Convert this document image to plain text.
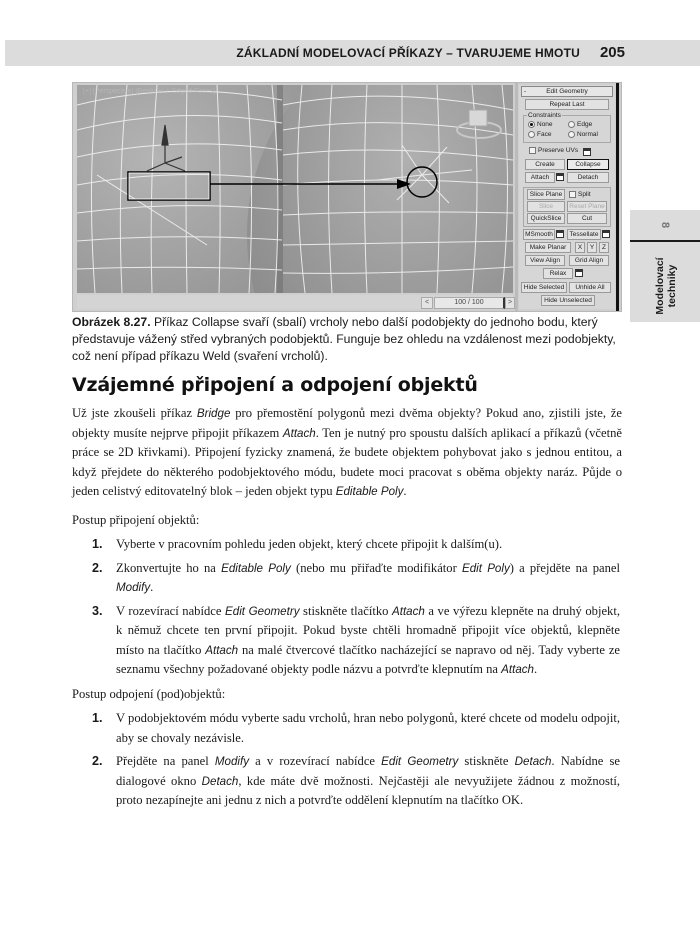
ZÁKLADNÍ MODELOVACÍ PŘÍKAZY – TVARUJEME HMOTU 205
8
Modelovací
techniky
[+] [Perspective] [Realistic + Edged Faces]
<	100 / 100	>
-	Edit Geometry
Repeat Last
Constraints
None	Edge
Face	Normal
Preserve UVs
Create	Collapse
Attach	Detach
Slice Plane	Split
Slice	Reset Plane
QuickSlice	Cut
MSmooth	Tessellate
Make Planar	X	Y	Z
View Align	Grid Align
Relax
Hide Selected	Unhide All
Hide Unselected
Obrázek 8.27. Příkaz Collapse svaří (sbalí) vrcholy nebo další podobjekty do jednoho bodu, který představuje vážený střed vybraných podobjektů. Funguje bez ohledu na vzdálenost mezi podobjekty, což není případ příkazu Weld (svaření vrcholů).
Vzájemné připojení a odpojení objektů
Už jste zkoušeli příkaz Bridge pro přemostění polygonů mezi dvěma objekty? Pokud ano, zjistili jste, že objekty musíte nejprve připojit příkazem Attach. Ten je nutný pro spoustu dalších aplikací a příkazů (včetně práce se 2D křivkami). Připojení fyzicky znamená, že budete objektem pohybovat jako s jednou entitou, a když přejdete do některého podobjektového módu, budete moci pracovat s oběma objekty naráz. Půjde o jeden celistvý editovatelný blok – jeden objekt typu Editable Poly.
Postup připojení objektů:
1. Vyberte v pracovním pohledu jeden objekt, který chcete připojit k dalším(u).
2. Zkonvertujte ho na Editable Poly (nebo mu přiřaďte modifikátor Edit Poly) a přejděte na panel Modify.
3. V rozevírací nabídce Edit Geometry stiskněte tlačítko Attach a ve výřezu klepněte na druhý objekt, k němuž chcete ten první připojit. Pokud byste chtěli hromadně připojit více objektů, klepněte místo na tlačítko Attach na malé čtvercové tlačítko nacházející se napravo od něj. Tady vyberte ze seznamu všechny požadované objekty podle názvu a potvrďte klepnutím na Attach.
Postup odpojení (pod)objektů:
1. V podobjektovém módu vyberte sadu vrcholů, hran nebo polygonů, které chcete od modelu odpojit, aby se chovaly nezávisle.
2. Přejděte na panel Modify a v rozevírací nabídce Edit Geometry stiskněte Detach. Nabídne se dialogové okno Detach, kde máte dvě možnosti. Nejčastěji ale nevyužijete žádnou z možností, proto nezapínejte ani jednu z nich a potvrďte oddělení klepnutím na tlačítko OK.
